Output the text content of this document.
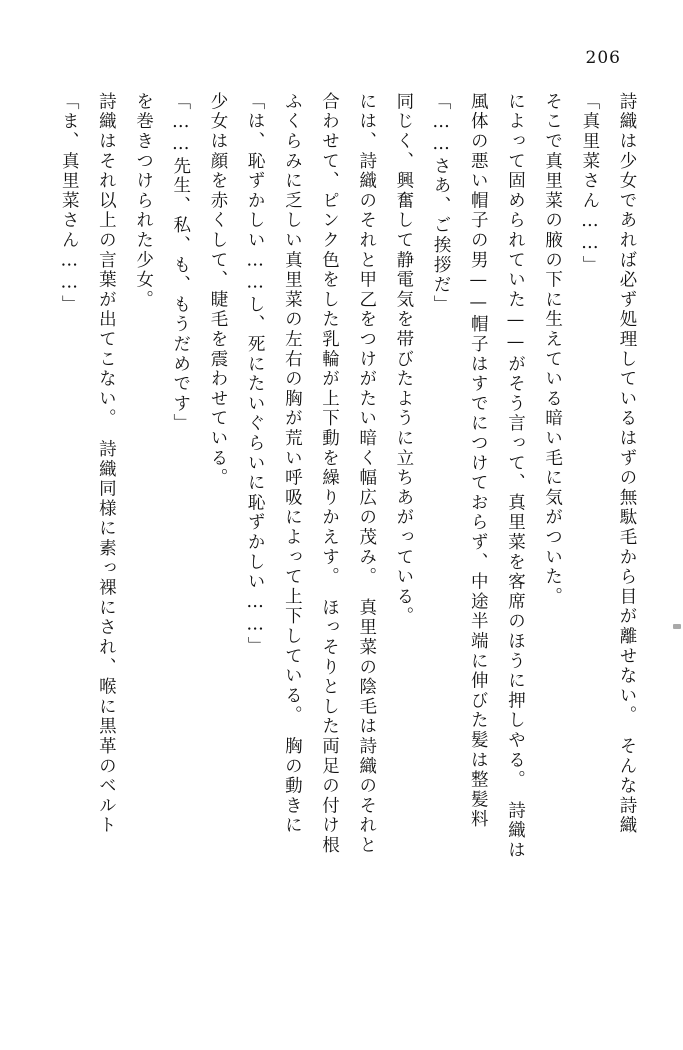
206
「ま、真里菜さん……」 詩織はそれ以上の言葉が出てこない。　詩織同様に素っ裸にされ、喉に黒革のベルト を巻きつけられた少女。 「……先生、私、も、もうだめです」 少女は顔を赤くして、睫毛を震わせている。 「は、恥ずかしい……し、死にたいぐらいに恥ずかしい……」 ふくらみに乏しい真里菜の左右の胸が荒い呼吸によって上下している。　胸の動きに 合わせて、ピンク色をした乳輪が上下動を繰りかえす。　ほっそりとした両足の付け根 には、詩織のそれと甲乙をつけがたい暗く幅広の茂み。　真里菜の陰毛は詩織のそれと 同じく、興奮して静電気を帯びたように立ちあがっている。 「……さあ、ご挨拶だ」 風体の悪い帽子の男——帽子はすでにつけておらず、中途半端に伸びた髪は整髪料 によって固められていた——がそう言って、真里菜を客席のほうに押しやる。　詩織は そこで真里菜の腋の下に生えている暗い毛に気がついた。 「真里菜さん……」 詩織は少女であれば必ず処理しているはずの無駄毛から目が離せない。　そんな詩織
